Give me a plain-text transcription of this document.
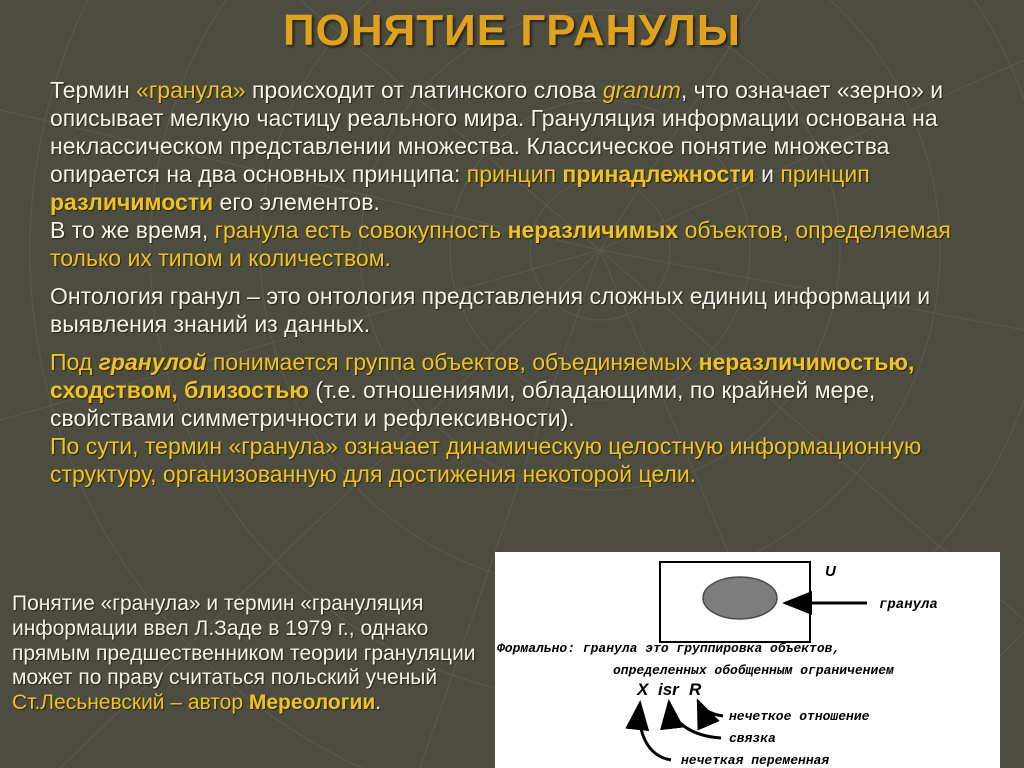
ПОНЯТИЕ ГРАНУЛЫ

Термин «гранула» происходит от латинского слова granum, что означает «зерно» и описывает мелкую частицу реального мира. Грануляция информации основана на неклассическом представлении множества. Классическое понятие множества опирается на два основных принципа: принцип принадлежности и принцип различимости его элементов.
В то же время, гранула есть совокупность неразличимых объектов, определяемая только их типом и количеством.

Онтология гранул – это онтология представления сложных единиц информации и выявления знаний из данных.

Под гранулой понимается группа объектов, объединяемых неразличимостью, сходством, близостью (т.е. отношениями, обладающими, по крайней мере, свойствами симметричности и рефлексивности).
По сути, термин «гранула» означает динамическую целостную информационную структуру, организованную для достижения некоторой цели.

Понятие «гранула» и термин «грануляция информации ввел Л.Заде в 1979 г., однако прямым предшественником теории грануляции может по праву считаться польский ученый Ст.Лесьневский – автор Мереологии.
U
гранула
Формально: гранула это группировка объектов,
определенных обобщенным ограничением
X isr R
нечеткое отношение
связка
нечеткая переменная
